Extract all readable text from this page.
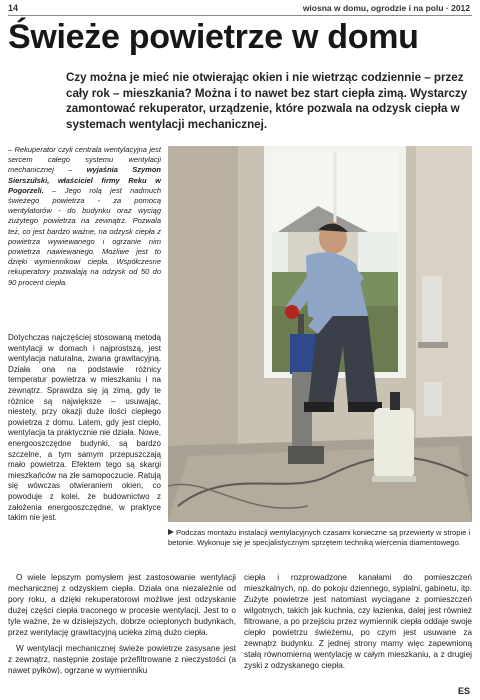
14	wiosna w domu, ogrodzie i na polu · 2012
Świeże powietrze w domu
Czy można je mieć nie otwierając okien i nie wietrząc codziennie – przez cały rok – mieszkania? Można i to nawet bez start ciepła zimą. Wystarczy zamontować rekuperator, urządzenie, które pozwala na odzysk ciepła w systemach wentylacji mechanicznej.

– Rekuperator czyli centrala wentylacyjna jest sercem całego systemu wentylacji mechanicznej – wyjaśnia Szymon Sierszulski, właściciel firmy Reku w Pogorzeli. – Jego rolą jest nadmuch świeżego powietrza - za pomocą wentylatorów - do budynku oraz wyciąg zużytego powietrza na zewnątrz. Pozwala też, co jest bardzo ważne, na odzysk ciepła z powietrza wywiewanego i ogrzanie nim powietrza nawiewanego. Możliwe jest to dzięki wymiennikowi ciepła. Współczesne rekuperatory pozwalają na odzysk od 50 do 90 procent ciepła.

Dotychczas najczęściej stosowaną metodą wentylacji w domach i najprostszą, jest wentylacja naturalna, zwana grawitacyjną. Działa ona na podstawie różnicy temperatur powietrza w mieszkaniu i na zewnątrz. Sprawdza się ją zimą, gdy te różnice są największe – usuwając, niestety, przy okazji duże ilości ciepłego powietrza z domu. Latem, gdy jest ciepło, wentylacja ta praktycznie nie działa. Nowe, energooszczędne budynki, są bardzo szczelne, a tym samym przepuszczają mało powietrza. Efektem tego są skargi mieszkańców na złe samopoczucie. Ratują się wówczas otwieraniem okien, co powoduje z kolei, że budownictwo z założenia energooszczędne, w praktyce takim nie jest.

Podczas montażu instalacji wentylacyjnych czasami konieczne są przewierty w stropie i betonie. Wykonuje się je specjalistycznym sprzętem techniką wiercenia diamentowego.

O wiele lepszym pomysłem jest zastosowanie wentylacji mechanicznej z odzyskiem ciepła. Działa ona niezależnie od pory roku, a dzięki rekuperatorowi możliwe jest odzyskanie dużej części ciepła traconego w procesie wentylacji. Jest to o tyle ważne, że w dzisiejszych, dobrze ocieplonych budynkach, przez wentylację grawitacyjną ucieka zimą dużo ciepła.

W wentylacji mechanicznej świeże powietrze zasysane jest z zewnątrz, następnie zostaje przefiltrowane z nieczystości (a nawet pyłków), ogrzane w wymienniku

ciepła i rozprowadzone kanałami do pomieszczeń mieszkalnych, np. do pokoju dziennego, sypialni, gabinetu, itp. Zużyte powietrze jest natomiast wyciągane z pomieszczeń wilgotnych, takich jak kuchnia, czy łazienka, dalej jest również filtrowane, a po przejściu przez wymiennik ciepła oddaje swoje ciepło powietrzu świeżemu, po czym jest usuwane za zewnątrz budynku. Z jednej strony mamy więc zapewnioną stałą równomierną wentylację w całym mieszkaniu, a z drugiej zyski z odzyskanego ciepła.

ES
